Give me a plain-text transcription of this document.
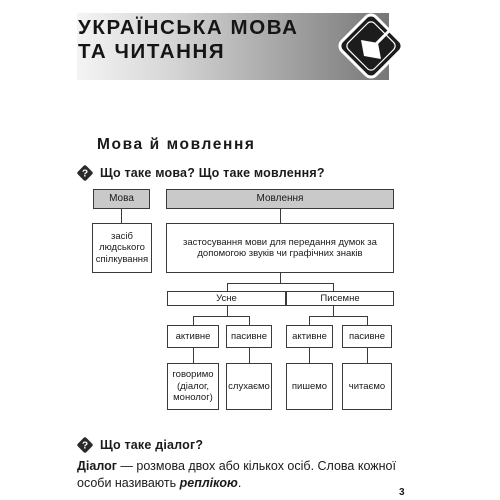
УКРАЇНСЬКА МОВА
ТА ЧИТАННЯ
Мова й мовлення
? Що таке мова? Що таке мовлення?
Мова	Мовлення
засіб людського спілкування
застосування мови для передання думок за допомогою звуків чи графічних знаків
Усне	Писемне
активне	пасивне	активне	пасивне
говоримо (діалог, монолог)
слухаємо	пишемо	читаємо
? Що таке діалог?

Діалог — розмова двох або кількох осіб. Слова кожної особи називають реплікою.

3
